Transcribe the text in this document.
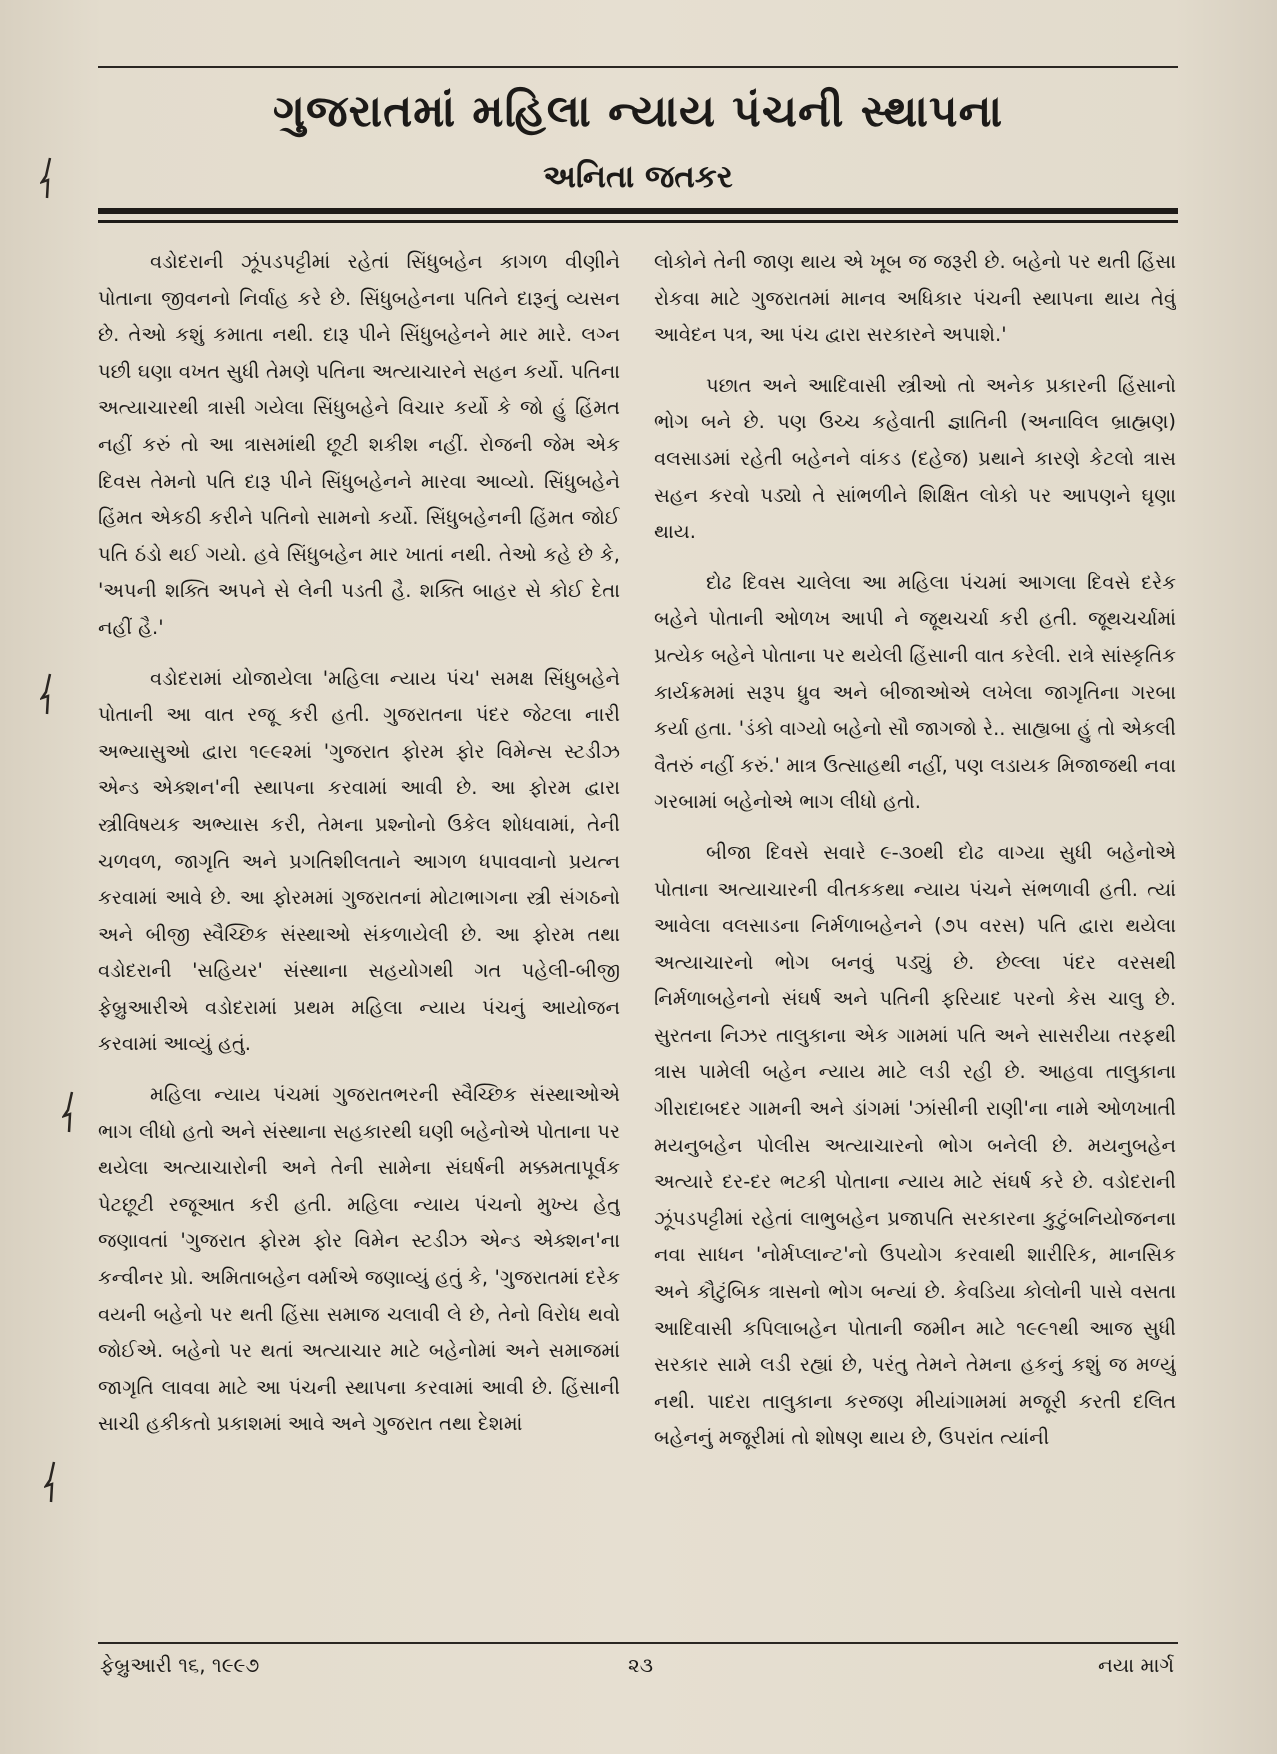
ગુજરાતમાં મહિલા ન્યાય પંચની સ્થાપના
અનિતા જતકર

વડોદરાની ઝૂંપડપટ્ટીમાં રહેતાં સિંધુબહેન કાગળ વીણીને પોતાના જીવનનો નિર્વાહ કરે છે. સિંધુબહેનના પતિને દારૂનું વ્યસન છે. તેઓ કશું કમાતા નથી. દારૂ પીને સિંધુબહેનને માર મારે. લગ્ન પછી ઘણા વખત સુધી તેમણે પતિના અત્યાચારને સહન કર્યો. પતિના અત્યાચારથી ત્રાસી ગયેલા સિંધુબહેને વિચાર કર્યો કે જો હું હિંમત નહીં કરું તો આ ત્રાસમાંથી છૂટી શકીશ નહીં. રોજની જેમ એક દિવસ તેમનો પતિ દારૂ પીને સિંધુબહેનને મારવા આવ્યો. સિંધુબહેને હિંમત એકઠી કરીને પતિનો સામનો કર્યો. સિંધુબહેનની હિંમત જોઈ પતિ ઠંડો થઈ ગયો. હવે સિંધુબહેન માર ખાતાં નથી. તેઓ કહે છે કે, 'અપની શક્તિ અપને સે લેની પડતી હૈ. શક્તિ બાહર સે કોઈ દેતા નહીં હૈ.'

વડોદરામાં યોજાયેલા 'મહિલા ન્યાય પંચ' સમક્ષ સિંધુબહેને પોતાની આ વાત રજૂ કરી હતી. ગુજરાતના પંદર જેટલા નારી અભ્યાસુઓ દ્વારા ૧૯૯૨માં 'ગુજરાત ફોરમ ફોર વિમેન્સ સ્ટડીઝ એન્ડ એક્શન'ની સ્થાપના કરવામાં આવી છે. આ ફોરમ દ્વારા સ્ત્રીવિષયક અભ્યાસ કરી, તેમના પ્રશ્નોનો ઉકેલ શોધવામાં, તેની ચળવળ, જાગૃતિ અને પ્રગતિશીલતાને આગળ ધપાવવાનો પ્રયત્ન કરવામાં આવે છે. આ ફોરમમાં ગુજરાતનાં મોટાભાગના સ્ત્રી સંગઠનો અને બીજી સ્વૈચ્છિક સંસ્થાઓ સંકળાયેલી છે. આ ફોરમ તથા વડોદરાની 'સહિયર' સંસ્થાના સહયોગથી ગત પહેલી-બીજી ફેબ્રુઆરીએ વડોદરામાં પ્રથમ મહિલા ન્યાય પંચનું આયોજન કરવામાં આવ્યું હતું.

મહિલા ન્યાય પંચમાં ગુજરાતભરની સ્વૈચ્છિક સંસ્થાઓએ ભાગ લીધો હતો અને સંસ્થાના સહકારથી ઘણી બહેનોએ પોતાના પર થયેલા અત્યાચારોની અને તેની સામેના સંઘર્ષની મક્કમતાપૂર્વક પેટછૂટી રજૂઆત કરી હતી. મહિલા ન્યાય પંચનો મુખ્ય હેતુ જણાવતાં 'ગુજરાત ફોરમ ફોર વિમેન સ્ટડીઝ એન્ડ એક્શન'ના કન્વીનર પ્રો. અમિતાબહેન વર્માએ જણાવ્યું હતું કે, 'ગુજરાતમાં દરેક વયની બહેનો પર થતી હિંસા સમાજ ચલાવી લે છે, તેનો વિરોધ થવો જોઈએ. બહેનો પર થતાં અત્યાચાર માટે બહેનોમાં અને સમાજમાં જાગૃતિ લાવવા માટે આ પંચની સ્થાપના કરવામાં આવી છે. હિંસાની સાચી હકીકતો પ્રકાશમાં આવે અને ગુજરાત તથા દેશમાં

લોકોને તેની જાણ થાય એ ખૂબ જ જરૂરી છે. બહેનો પર થતી હિંસા રોકવા માટે ગુજરાતમાં માનવ અધિકાર પંચની સ્થાપના થાય તેવું આવેદન પત્ર, આ પંચ દ્વારા સરકારને અપાશે.'

પછાત અને આદિવાસી સ્ત્રીઓ તો અનેક પ્રકારની હિંસાનો ભોગ બને છે. પણ ઉચ્ચ કહેવાતી જ્ઞાતિની (અનાવિલ બ્રાહ્મણ) વલસાડમાં રહેતી બહેનને વાંકડ (દહેજ) પ્રથાને કારણે કેટલો ત્રાસ સહન કરવો પડ્યો તે સાંભળીને શિક્ષિત લોકો પર આપણને ઘૃણા થાય.

દોઢ દિવસ ચાલેલા આ મહિલા પંચમાં આગલા દિવસે દરેક બહેને પોતાની ઓળખ આપી ને જૂથચર્ચા કરી હતી. જૂથચર્ચામાં પ્રત્યેક બહેને પોતાના પર થયેલી હિંસાની વાત કરેલી. રાત્રે સાંસ્કૃતિક કાર્યક્રમમાં સરૂપ ધ્રુવ અને બીજાઓએ લખેલા જાગૃતિના ગરબા કર્યા હતા. 'ડંકો વાગ્યો બહેનો સૌ જાગજો રે.. સાહ્યબા હું તો એકલી વૈતરું નહીં કરું.' માત્ર ઉત્સાહથી નહીં, પણ લડાયક મિજાજથી નવા ગરબામાં બહેનોએ ભાગ લીધો હતો.

બીજા દિવસે સવારે ૯-૩૦થી દોઢ વાગ્યા સુધી બહેનોએ પોતાના અત્યાચારની વીતકકથા ન્યાય પંચને સંભળાવી હતી. ત્યાં આવેલા વલસાડના નિર્મળાબહેનને (૭૫ વરસ) પતિ દ્વારા થયેલા અત્યાચારનો ભોગ બનવું પડ્યું છે. છેલ્લા પંદર વરસથી નિર્મળાબહેનનો સંઘર્ષ અને પતિની ફરિયાદ પરનો કેસ ચાલુ છે. સુરતના નિઝર તાલુકાના એક ગામમાં પતિ અને સાસરીયા તરફથી ત્રાસ પામેલી બહેન ન્યાય માટે લડી રહી છે. આહવા તાલુકાના ગીરાદાબદર ગામની અને ડાંગમાં 'ઝાંસીની રાણી'ના નામે ઓળખાતી મયનુબહેન પોલીસ અત્યાચારનો ભોગ બનેલી છે. મયનુબહેન અત્યારે દર-દર ભટકી પોતાના ન્યાય માટે સંઘર્ષ કરે છે. વડોદરાની ઝૂંપડપટ્ટીમાં રહેતાં લાભુબહેન પ્રજાપતિ સરકારના કુટુંબનિયોજનના નવા સાધન 'નોર્મપ્લાન્ટ'નો ઉપયોગ કરવાથી શારીરિક, માનસિક અને કૌટુંબિક ત્રાસનો ભોગ બન્યાં છે. કેવડિયા કોલોની પાસે વસતા આદિવાસી કપિલાબહેન પોતાની જમીન માટે ૧૯૯૧થી આજ સુધી સરકાર સામે લડી રહ્યાં છે, પરંતુ તેમને તેમના હકનું કશું જ મળ્યું નથી. પાદરા તાલુકાના કરજણ મીયાંગામમાં મજૂરી કરતી દલિત બહેનનું મજૂરીમાં તો શોષણ થાય છે, ઉપરાંત ત્યાંની

ફેબ્રુઆરી ૧૬, ૧૯૯૭	૨૩	નયા માર્ગ
